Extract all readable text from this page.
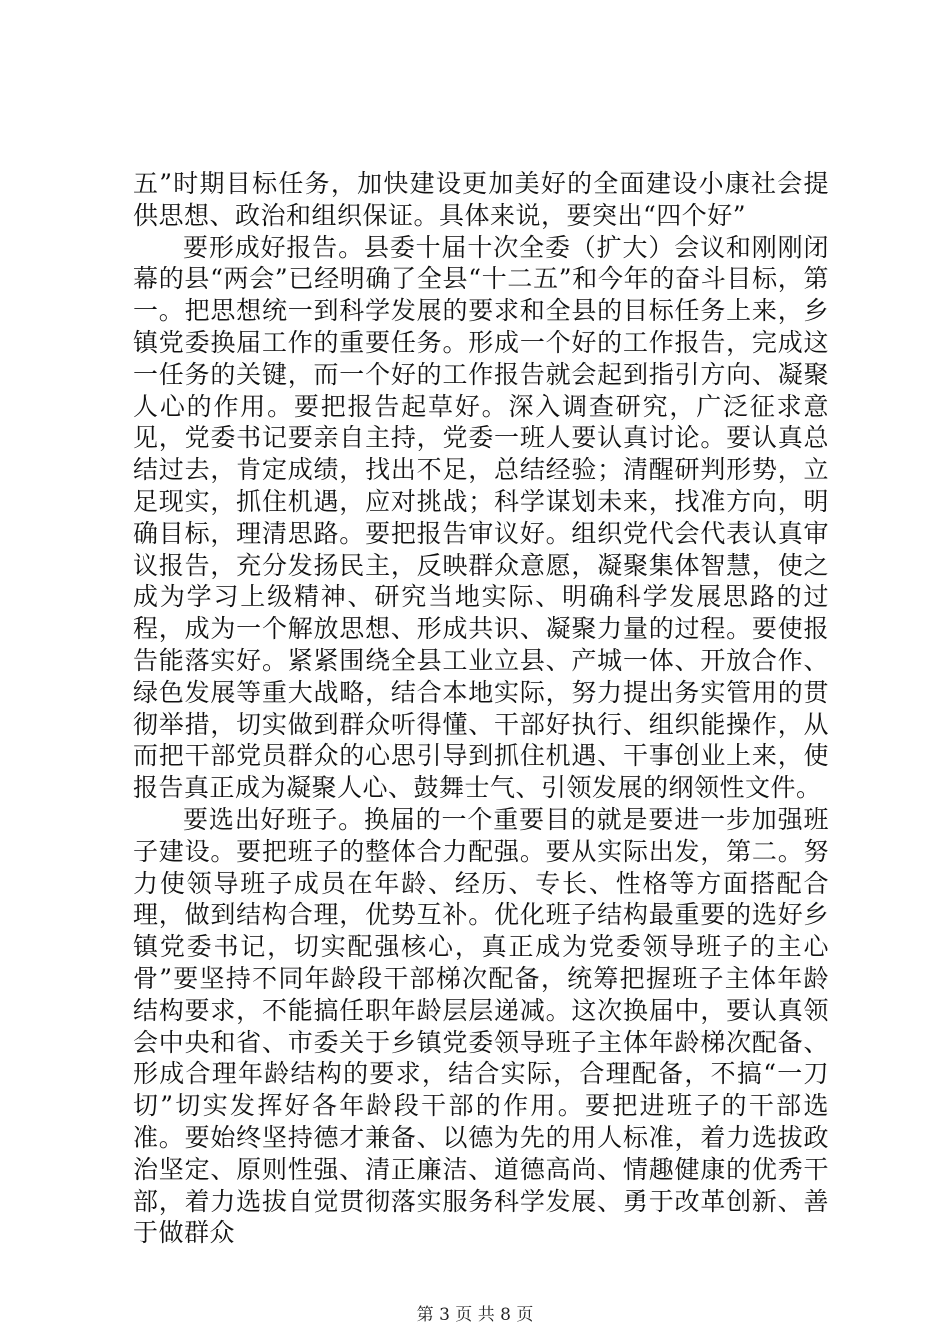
五”时期目标任务，加快建设更加美好的全面建设小康社会提供思想、政治和组织保证。具体来说，要突出“四个好”

要形成好报告。县委十届十次全委（扩大）会议和刚刚闭幕的县“两会”已经明确了全县“十二五”和今年的奋斗目标，第一。把思想统一到科学发展的要求和全县的目标任务上来，乡镇党委换届工作的重要任务。形成一个好的工作报告，完成这一任务的关键，而一个好的工作报告就会起到指引方向、凝聚人心的作用。要把报告起草好。深入调查研究，广泛征求意见，党委书记要亲自主持，党委一班人要认真讨论。要认真总结过去，肯定成绩，找出不足，总结经验；清醒研判形势，立足现实，抓住机遇，应对挑战；科学谋划未来，找准方向，明确目标，理清思路。要把报告审议好。组织党代会代表认真审议报告，充分发扬民主，反映群众意愿，凝聚集体智慧，使之成为学习上级精神、研究当地实际、明确科学发展思路的过程，成为一个解放思想、形成共识、凝聚力量的过程。要使报告能落实好。紧紧围绕全县工业立县、产城一体、开放合作、绿色发展等重大战略，结合本地实际，努力提出务实管用的贯彻举措，切实做到群众听得懂、干部好执行、组织能操作，从而把干部党员群众的心思引导到抓住机遇、干事创业上来，使报告真正成为凝聚人心、鼓舞士气、引领发展的纲领性文件。

要选出好班子。换届的一个重要目的就是要进一步加强班子建设。要把班子的整体合力配强。要从实际出发，第二。努力使领导班子成员在年龄、经历、专长、性格等方面搭配合理，做到结构合理，优势互补。优化班子结构最重要的选好乡镇党委书记，切实配强核心，真正成为党委领导班子的主心骨”要坚持不同年龄段干部梯次配备，统筹把握班子主体年龄结构要求，不能搞任职年龄层层递减。这次换届中，要认真领会中央和省、市委关于乡镇党委领导班子主体年龄梯次配备、形成合理年龄结构的要求，结合实际，合理配备，不搞“一刀切”切实发挥好各年龄段干部的作用。要把进班子的干部选准。要始终坚持德才兼备、以德为先的用人标准，着力选拔政治坚定、原则性强、清正廉洁、道德高尚、情趣健康的优秀干部，着力选拔自觉贯彻落实服务科学发展、勇于改革创新、善于做群众

第 3 页 共 8 页
